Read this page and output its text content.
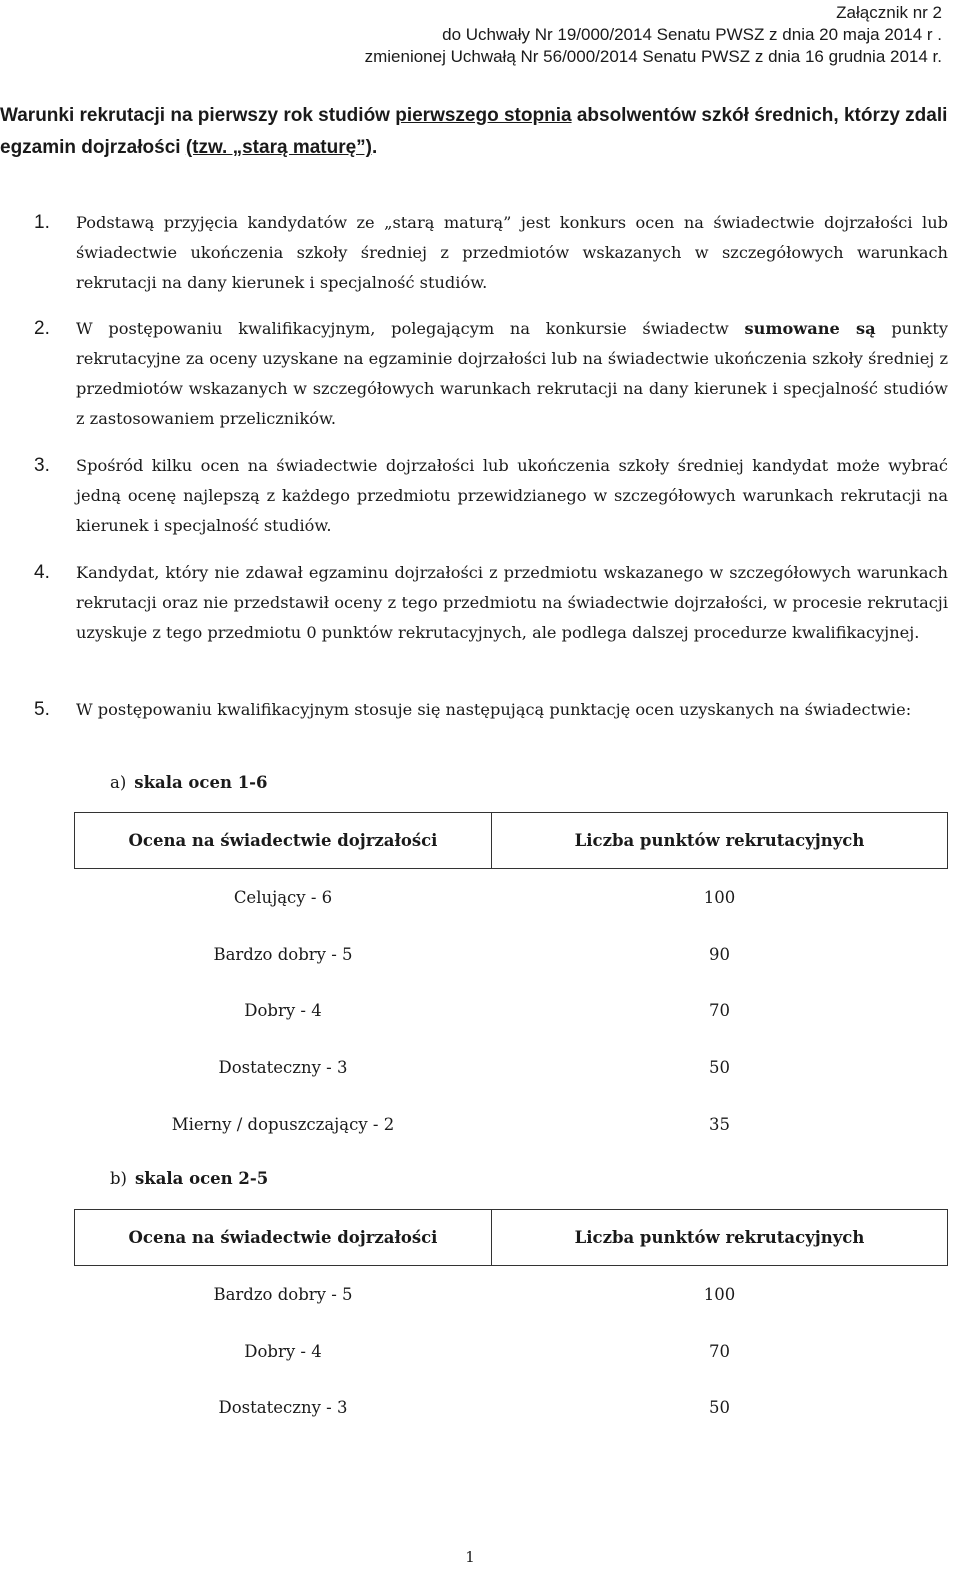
Załącznik nr 2
do Uchwały Nr 19/000/2014 Senatu PWSZ z dnia 20 maja 2014 r .
zmienionej Uchwałą Nr 56/000/2014 Senatu PWSZ z dnia 16 grudnia 2014 r.
Warunki rekrutacji na pierwszy rok studiów pierwszego stopnia absolwentów szkół średnich, którzy zdali egzamin dojrzałości (tzw. „starą maturę”).
1. Podstawą przyjęcia kandydatów ze „starą maturą” jest konkurs ocen na świadectwie dojrzałości lub świadectwie ukończenia szkoły średniej z przedmiotów wskazanych w szczegółowych warunkach rekrutacji na dany kierunek i specjalność studiów.
2. W postępowaniu kwalifikacyjnym, polegającym na konkursie świadectw sumowane są punkty rekrutacyjne za oceny uzyskane na egzaminie dojrzałości lub na świadectwie ukończenia szkoły średniej z przedmiotów wskazanych w szczegółowych warunkach rekrutacji na dany kierunek i specjalność studiów z zastosowaniem przeliczników.
3. Spośród kilku ocen na świadectwie dojrzałości lub ukończenia szkoły średniej kandydat może wybrać jedną ocenę najlepszą z każdego przedmiotu przewidzianego w szczegółowych warunkach rekrutacji na kierunek i specjalność studiów.
4. Kandydat, który nie zdawał egzaminu dojrzałości z przedmiotu wskazanego w szczegółowych warunkach rekrutacji oraz nie przedstawił oceny z tego przedmiotu na świadectwie dojrzałości, w procesie rekrutacji uzyskuje z tego przedmiotu 0 punktów rekrutacyjnych, ale podlega dalszej procedurze kwalifikacyjnej.
5. W postępowaniu kwalifikacyjnym stosuje się następującą punktację ocen uzyskanych na świadectwie:
a) skala ocen 1-6
Ocena na świadectwie dojrzałości	Liczba punktów rekrutacyjnych
Celujący - 6	100
Bardzo dobry - 5	90
Dobry - 4	70
Dostateczny - 3	50
Mierny / dopuszczający - 2	35
b) skala ocen 2-5
Ocena na świadectwie dojrzałości	Liczba punktów rekrutacyjnych
Bardzo dobry - 5	100
Dobry - 4	70
Dostateczny - 3	50
1
